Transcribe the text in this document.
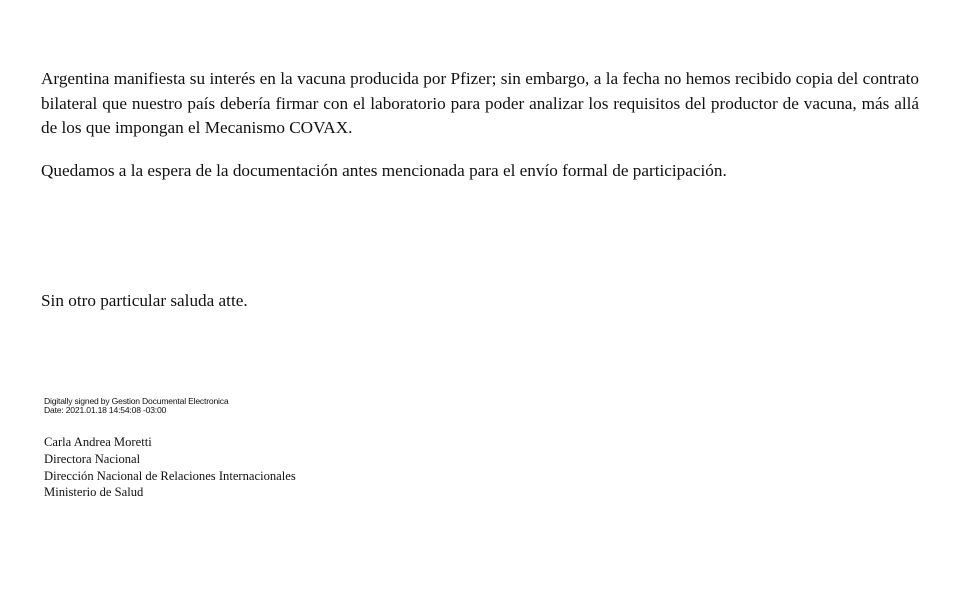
Argentina manifiesta su interés en la vacuna producida por Pfizer; sin embargo, a la fecha no hemos recibido copia del contrato bilateral que nuestro país debería firmar con el laboratorio para poder analizar los requisitos del productor de vacuna, más allá de los que impongan el Mecanismo COVAX.

Quedamos a la espera de la documentación antes mencionada para el envío formal de participación.

Sin otro particular saluda atte.

Digitally signed by Gestion Documental Electronica
Date: 2021.01.18 14:54:08 -03:00
Carla Andrea Moretti
Directora Nacional
Dirección Nacional de Relaciones Internacionales
Ministerio de Salud
